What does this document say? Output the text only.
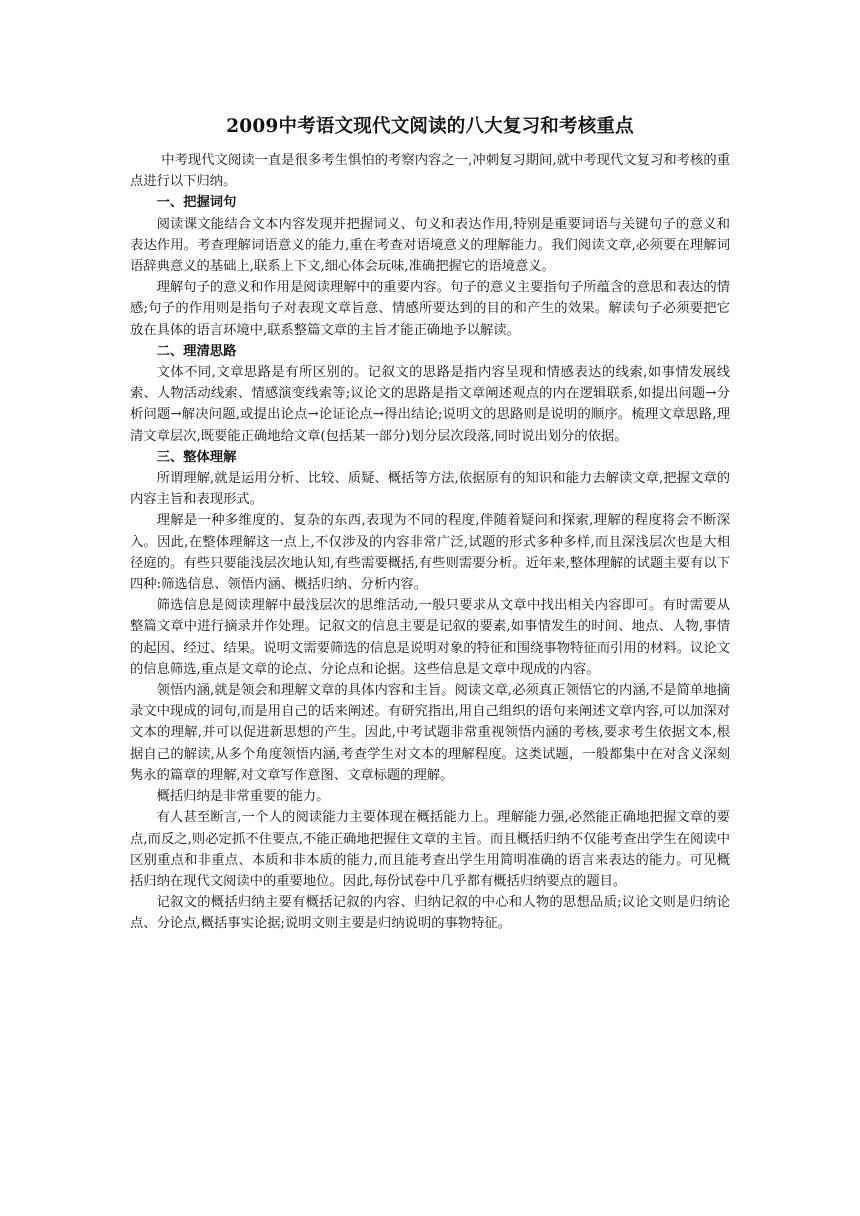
2009中考语文现代文阅读的八大复习和考核重点

中考现代文阅读一直是很多考生惧怕的考察内容之一,冲刺复习期间,就中考现代文复习和考核的重点进行以下归纳。

一、把握词句

阅读课文能结合文本内容发现并把握词义、句义和表达作用,特别是重要词语与关键句子的意义和表达作用。考查理解词语意义的能力,重在考查对语境意义的理解能力。我们阅读文章,必须要在理解词语辞典意义的基础上,联系上下文,细心体会玩味,准确把握它的语境意义。

理解句子的意义和作用是阅读理解中的重要内容。句子的意义主要指句子所蕴含的意思和表达的情感;句子的作用则是指句子对表现文章旨意、情感所要达到的目的和产生的效果。解读句子必须要把它放在具体的语言环境中,联系整篇文章的主旨才能正确地予以解读。

二、理清思路

文体不同,文章思路是有所区别的。记叙文的思路是指内容呈现和情感表达的线索,如事情发展线索、人物活动线索、情感演变线索等;议论文的思路是指文章阐述观点的内在逻辑联系,如提出问题→分析问题→解决问题,或提出论点→论证论点→得出结论;说明文的思路则是说明的顺序。梳理文章思路,理清文章层次,既要能正确地给文章(包括某一部分)划分层次段落,同时说出划分的依据。

三、整体理解

所谓理解,就是运用分析、比较、质疑、概括等方法,依据原有的知识和能力去解读文章,把握文章的内容主旨和表现形式。

理解是一种多维度的、复杂的东西,表现为不同的程度,伴随着疑问和探索,理解的程度将会不断深入。因此,在整体理解这一点上,不仅涉及的内容非常广泛,试题的形式多种多样,而且深浅层次也是大相径庭的。有些只要能浅层次地认知,有些需要概括,有些则需要分析。近年来,整体理解的试题主要有以下四种:筛选信息、领悟内涵、概括归纳、分析内容。

筛选信息是阅读理解中最浅层次的思维活动,一般只要求从文章中找出相关内容即可。有时需要从整篇文章中进行摘录并作处理。记叙文的信息主要是记叙的要素,如事情发生的时间、地点、人物,事情的起因、经过、结果。说明文需要筛选的信息是说明对象的特征和围绕事物特征而引用的材料。议论文的信息筛选,重点是文章的论点、分论点和论据。这些信息是文章中现成的内容。

领悟内涵,就是领会和理解文章的具体内容和主旨。阅读文章,必须真正领悟它的内涵,不是简单地摘录文中现成的词句,而是用自己的话来阐述。有研究指出,用自己组织的语句来阐述文章内容,可以加深对文本的理解,并可以促进新思想的产生。因此,中考试题非常重视领悟内涵的考核,要求考生依据文本,根据自己的解读,从多个角度领悟内涵,考查学生对文本的理解程度。这类试题，一般都集中在对含义深刻隽永的篇章的理解,对文章写作意图、文章标题的理解。

概括归纳是非常重要的能力。

有人甚至断言,一个人的阅读能力主要体现在概括能力上。理解能力强,必然能正确地把握文章的要点,而反之,则必定抓不住要点,不能正确地把握住文章的主旨。而且概括归纳不仅能考查出学生在阅读中区别重点和非重点、本质和非本质的能力,而且能考查出学生用简明准确的语言来表达的能力。可见概括归纳在现代文阅读中的重要地位。因此,每份试卷中几乎都有概括归纳要点的题目。

记叙文的概括归纳主要有概括记叙的内容、归纳记叙的中心和人物的思想品质;议论文则是归纳论点、分论点,概括事实论据;说明文则主要是归纳说明的事物特征。
